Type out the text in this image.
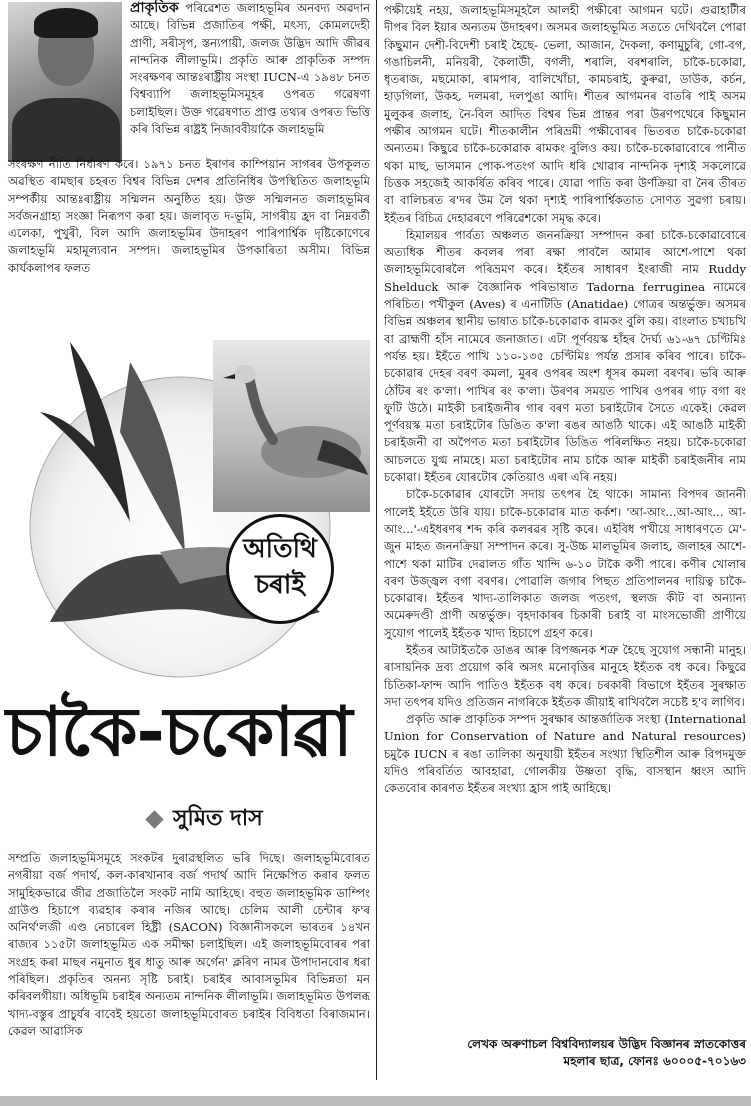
প্ৰাকৃতিক পৰিৱেশত জলাহভূমিৰ অনবদ্য অৱদান আছে। বিভিন্ন প্ৰজাতিৰ পক্ষী, মৎস্য, কোমলদেহী প্ৰাণী, সৰীসৃপ, স্তন্যপায়ী, জলজ উদ্ভিদ আদি জীৱৰ নান্দনিক লীলাভূমি। প্ৰকৃতি আৰু প্ৰাকৃতিক সম্পদ সংৰক্ষণৰ আন্তঃৰাষ্ট্ৰীয় সংস্থা IUCN-এ ১৯৪৮ চনত বিশ্বব্যাপি জলাহভূমিসমূহৰ ওপৰত গৱেষণা চলাইছিল। উক্ত গৱেষণাত প্ৰাপ্ত তথ্যৰ ওপৰত ভিত্তি কৰি বিভিন্ন ৰাষ্ট্ৰই নিজাববীয়াকৈ জলাহভূমি

সংৰক্ষণ নীতি নিৰ্ধাৰণ কৰে। ১৯৭১ চনত ইৰাণৰ কাম্পিয়ান সাগৰৰ উপকূলত অৱস্থিত ৰামছাৰ চহৰত বিশ্বৰ বিভিন্ন দেশৰ প্ৰতিনিধিৰ উপস্থিতিত জলাহভূমি সম্পৰ্কীয় আন্তঃৰাষ্ট্ৰীয় সন্মিলন অনুষ্ঠিত হয়। উক্ত সন্মিলনত জলাহভূমিৰ সৰ্বজনগ্ৰাহ্য সংজ্ঞা নিৰূপণ কৰা হয়। জলাবৃত দ-ভূমি, সাগৰীয় হ্ৰদ বা নিম্নবৰ্তী এলেকা, পুখুৰী, বিল আদি জলাহভূমিৰ উদাহৰণ পাৰিপাৰ্শ্বিক দৃষ্টিকোণেৰে জলাহভূমি মহামূল্যবান সম্পদ। জলাহভূমিৰ উপকাৰিতা অসীম। বিভিন্ন কাৰ্যকলাপৰ ফলত

অতিথি
চৰাই
চাকৈ-চকোৱা
সুমিত দাস

সম্প্ৰতি জলাহভূমিসমূহে সংকটৰ দুৰাৱস্থলিত ভৰি দিছে। জলাহভূমিবোৰত নগৰীয়া বৰ্জ পদাৰ্থ, কল-কাৰখানাৰ বৰ্জ পদাৰ্থ আদি নিক্ষেপিত কৰাৰ ফলত সামুহিকভাৱে জীৱ প্ৰজাতিলৈ সংকট নামি আহিছে। বহুত জলাহভূমিক ডাম্পিং গ্ৰাউণ্ড হিচাপে ব্যৱহাৰ কৰাৰ নজিৰ আছে। চেলিম আলী চেন্টাৰ ফ'ৰ অনিৰ্থ'লজী এণ্ড নেচাৰেল হিষ্ট্ৰী (SACON) বিজ্ঞানীসকলে ভাৰতৰ ১৪খন ৰাজ্যৰ ১১৫টা জলাহভূমিত এক সমীক্ষা চলাইছিল। এই জলাহভূমিবোৰৰ পৰা সংগ্ৰহ কৰা মাছৰ নমুনাত ধুৰ ধাতু আৰু অৰ্গেন' ক্লৰিণ নামৰ উপাদানবোৰ ধৰা পৰিছিল। প্ৰকৃতিৰ অনন্য সৃষ্টি চৰাই। চৰাইৰ আবাসভূমিৰ বিভিন্নতা মন কৰিবলগীয়া। অধিভূমি চৰাইৰ অন্যতম নান্দনিক লীলাভূমি। জলাহভূমিত উপলব্ধ খাদ্য-বস্তুৰ প্ৰাচুৰ্যৰ বাবেই হয়তো জলাহভূমিবোৰত চৰাইৰ বিবিধতা বিৰাজমান। কেৱল আৱাসিক

পক্ষীয়েই নহয়, জলাহভূমিসমূহলৈ আলহী পক্ষীৰো আগমন ঘটে। গুৱাহাটীৰ দীপৰ বিল ইয়াৰ অন্যতম উদাহৰণ। অসমৰ জলাহভূমিত সততে দেখিবলৈ পোৱা কিছুমান দেশী-বিদেশী চৰাই হৈছে- ভেলা, আজান, দৈকলা, কণামুচুৰি, গো-বগ, গঙাচিলনী, মনিয়ৰী, কৈলাউী, বগলী, শৰালি, বৰশৰালি, চাকৈ-চকোৱা, ধৃতৰাজ, মছমোকা, ৰামপাৰ, বালিখোঁচা, কামচৰাই, কুৰুৱা, ডাউক, কৰ্চন, হাড়গিলা, উকহ, দলমৰা, দলপুঙা আদি। শীতৰ আগমনৰ বাতৰি পাই অসম মুলুকৰ জলাহ, নৈ-বিল আদিত বিশ্বৰ ভিন্ন প্ৰান্তৰ পৰা উৰণপথেৰে কিছুমান পক্ষীৰ আগমন ঘটে। শীতকালীন পৰিভ্ৰমী পক্ষীবোৰৰ ভিতৰত চাকৈ-চকোৱা অন্যতম। কিছুৱে চাকৈ-চকোৱাক ৰামকং বুলিও কয়। চাকৈ-চকোৱাবোৰে পানীত থকা মাছ, ভাসমান পোক-পতংগ আদি ধৰি খোৱাৰ নান্দনিক দৃশ্যই সকলোৱে চিত্তক সহজেই আকৰ্ষিত কৰিব পাৰে। যোৱা পাতি কৰা উৰ্ণক্ৰিয়া বা নৈৰ তীৰত বা বালিচৰত ৰ'দৰ উম লৈ থকা দৃশ্যই পাৰিপাৰ্শ্বিকতাত সোণত সুৱগা চৰায়। ইহঁতৰ বিচিত্ৰ দেহাৱৰণে পৰিৱেশকো সমৃদ্ধ কৰে।

হিমালয়ৰ পাৰ্বত্য অঞ্চলত জননক্ৰিয়া সম্পাদন কৰা চাকৈ-চকোৱাবোৰে অত্যধিক শীতৰ কবলৰ পৰা ৰক্ষা পাবলৈ আমাৰ আশে-পাশে থকা জলাহভূমিবোৰলৈ পৰিভ্ৰমণ কৰে। ইহঁতৰ সাধাৰণ ইংৰাজী নাম Ruddy Shelduck আৰু বৈজ্ঞানিক পৰিভাষাত Tadorna ferruginea নামেৰে পৰিচিত। পখীকুল (Aves) ৰ এনাটিডি (Anatidae) গোত্ৰৰ অন্তৰ্ভুক্ত। অসমৰ বিভিন্ন অঞ্চলৰ স্থানীয় ভাষাত চাকৈ-চকোৱাক ৰামকং বুলি কয়। বাংলাত চখাচখি বা ব্ৰাহ্মণী হাঁস নামেৰে জনাজাত। এটা পূৰ্ণবয়স্ক হাঁহৰ দৈৰ্ঘ্য ৬১-৬৭ চেণ্টিমিঃ পৰ্যন্ত হয়। ইহঁতে পাখি ১১০-১৩৫ চেণ্টিমিঃ পৰ্যন্ত প্ৰসাৰ কৰিব পাৰে। চাকৈ-চকোৱাৰ দেহৰ বৰণ কমলা, মুৰৰ ওপৰৰ অংশ ধূসৰ কমলা বৰণৰ। ভৰি আৰু ঠোঁটৰ ৰং ক'লা। পাখিৰ ৰং ক'লা। উৰণৰ সময়ত পাখিৰ ওপৰৰ গাঢ় বগা ৰং ফুটি উঠে। মাইকী চৰাইজনীৰ গাৰ বৰণ মতা চৰাইটোৰ সৈতে একেই। কেৱল পূৰ্ণবয়স্ক মতা চৰাইটোৰ ডিঙিত ক'লা ৰঙৰ আঙঠি থাকে। এই আঙঠি মাইকী চৰাইজনী বা অপৈণত মতা চৰাইটোৰ ডিঙিত পৰিলক্ষিত নহয়। চাকৈ-চকোৱা আচলতে যুগ্ম নামহে। মতা চৰাইটোৰ নাম চাকৈ আৰু মাইকী চৰাইজনীৰ নাম চকোৱা। ইহঁতৰ যোৰটোৰ কেতিয়াও এৰা এৰি নহয়।

চাকৈ-চকোৱাৰ যোৰটো সদায় তৎপৰ হৈ থাকে। সামান্য বিপদৰ জাননী পালেই ইহঁতে উৰি যায়। চাকৈ-চকোৱাৰ মাত কৰ্কশ। 'আ-আং...আ-আং... আ-আং...'-এইধৰণৰ শব্দ কৰি কলৰৱৰ সৃষ্টি কৰে। এইবিধ পখীয়ে সাধাৰণতে মে'-জুন মাহত জননক্ৰিয়া সম্পাদন কৰে। সু-উচ্চ মালভূমিৰ জলাহ, জলাহৰ আশে-পাশে থকা মাটিৰ দেৱালত গাঁত খান্দি ৬-১০ টাকৈ কণী পাৰে। কণীৰ খোলাৰ বৰণ উজ্জ্বল বগা বৰণৰ। পোৱালি জগাৰ পিছত প্ৰতিপালনৰ দায়িত্ব চাকৈ-চকোৱাৰ। ইহঁতৰ খাদ্য-তালিকাত জলজ পতংগ, স্থলজ কীট বা অন্যান্য অমেৰুদণ্ডী প্ৰাণী অন্তৰ্ভুক্ত। বৃহদাকাৰৰ চিকাৰী চৰাই বা মাংসভোজী প্ৰাণীয়ে সুযোগ পালেই ইহঁতক খাদ্য হিচাপে গ্ৰহণ কৰে।

ইহঁতৰ আটাইতকৈ ডাঙৰ আৰু বিপজ্জনক শত্ৰু হৈছে সুযোগ সন্ধানী মানুহ। ৰাসায়নিক দ্ৰব্য প্ৰয়োগ কৰি অসৎ মনোবৃত্তিৰ মানুহে ইহঁতক বধ কৰে। কিছুৱে চিতিকা-ফান্দ আদি পাতিও ইহঁতক বধ কৰে। চৰকাৰী বিভাগে ইহঁতৰ সুৰক্ষাত সদা তৎপৰ যদিও প্ৰতিজন নাগৰিকে ইহঁতক জীয়াই ৰাখিবলৈ সচেষ্ট হ'ব লাগিব।

প্ৰকৃতি আৰু প্ৰাকৃতিক সম্পদ সুৰক্ষাৰ আন্তৰ্জাতিক সংস্থা (International Union for Conservation of Nature and Natural resources) চমুকৈ IUCN ৰ ৰঙা তালিকা অনুযায়ী ইহঁতৰ সংখ্যা স্থিতিশীল আৰু বিপদমুক্ত যদিও পৰিবৰ্তিত আবহাৱা, গোলকীয় উষ্ণতা বৃদ্ধি, বাসস্থান ধ্বংস আদি কেতবোৰ কাৰণত ইহঁতৰ সংখ্যা হ্ৰাস পাই আহিছে।

লেখক অৰুণাচল বিশ্ববিদ্যালয়ৰ উদ্ভিদ বিজ্ঞানৰ স্নাতকোত্তৰ
মহলাৰ ছাত্ৰ, ফোনঃ ৬০০০৫-৭০১৬৩
